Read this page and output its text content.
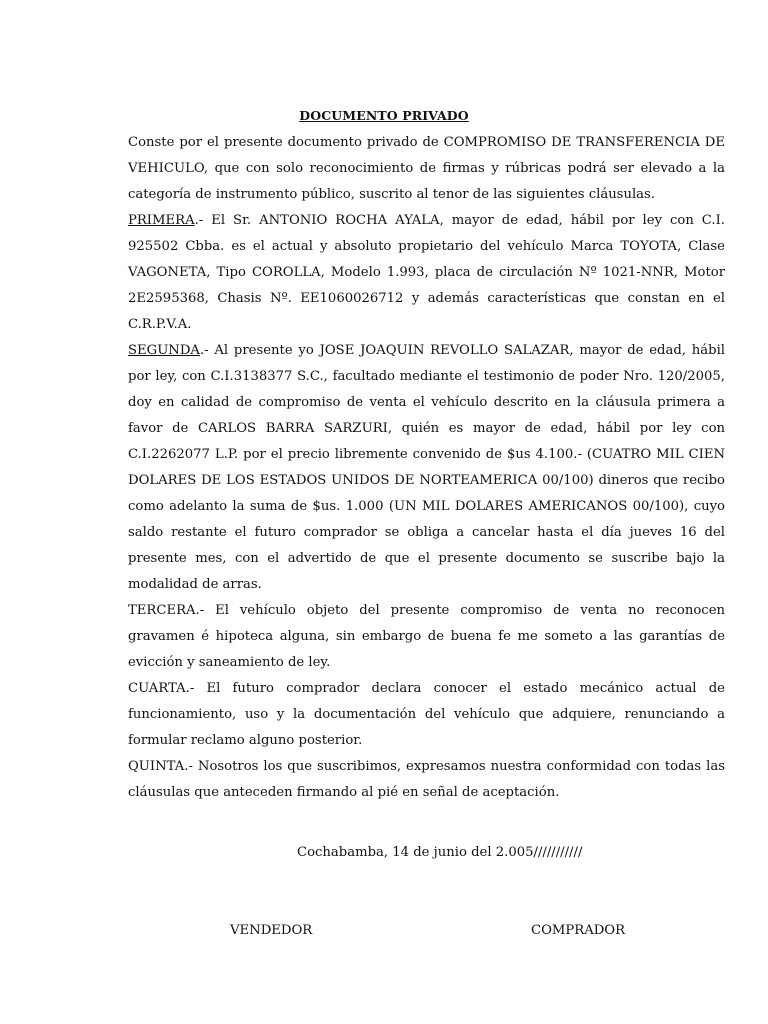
DOCUMENTO PRIVADO

Conste por el presente documento privado de COMPROMISO DE TRANSFERENCIA DE VEHICULO, que con solo reconocimiento de firmas y rúbricas podrá ser elevado a la categoría de instrumento público, suscrito al tenor de las siguientes cláusulas.

PRIMERA.- El Sr. ANTONIO ROCHA AYALA, mayor de edad, hábil por ley con C.I. 925502 Cbba. es el actual y absoluto propietario del vehículo Marca TOYOTA, Clase VAGONETA, Tipo COROLLA, Modelo 1.993, placa de circulación Nº 1021-NNR, Motor 2E2595368, Chasis Nº. EE1060026712 y además características que constan en el C.R.P.V.A.

SEGUNDA.- Al presente yo JOSE JOAQUIN REVOLLO SALAZAR, mayor de edad, hábil por ley, con C.I.3138377 S.C., facultado mediante el testimonio de poder Nro. 120/2005, doy en calidad de compromiso de venta el vehículo descrito en la cláusula primera a favor de CARLOS BARRA SARZURI, quién es mayor de edad, hábil por ley con C.I.2262077 L.P. por el precio libremente convenido de $us 4.100.- (CUATRO MIL CIEN DOLARES DE LOS ESTADOS UNIDOS DE NORTEAMERICA 00/100) dineros que recibo como adelanto la suma de $us. 1.000 (UN MIL DOLARES AMERICANOS 00/100), cuyo saldo restante el futuro comprador se obliga a cancelar hasta el día jueves 16 del presente mes, con el advertido de que el presente documento se suscribe bajo la modalidad de arras.

TERCERA.- El vehículo objeto del presente compromiso de venta no reconocen gravamen é hipoteca alguna, sin embargo de buena fe me someto a las garantías de evicción y saneamiento de ley.

CUARTA.- El futuro comprador declara conocer el estado mecánico actual de funcionamiento, uso y la documentación del vehículo que adquiere, renunciando a formular reclamo alguno posterior.

QUINTA.- Nosotros los que suscribimos, expresamos nuestra conformidad con todas las cláusulas que anteceden firmando al pié en señal de aceptación.

Cochabamba, 14 de junio del 2.005///////////
VENDEDOR	COMPRADOR
